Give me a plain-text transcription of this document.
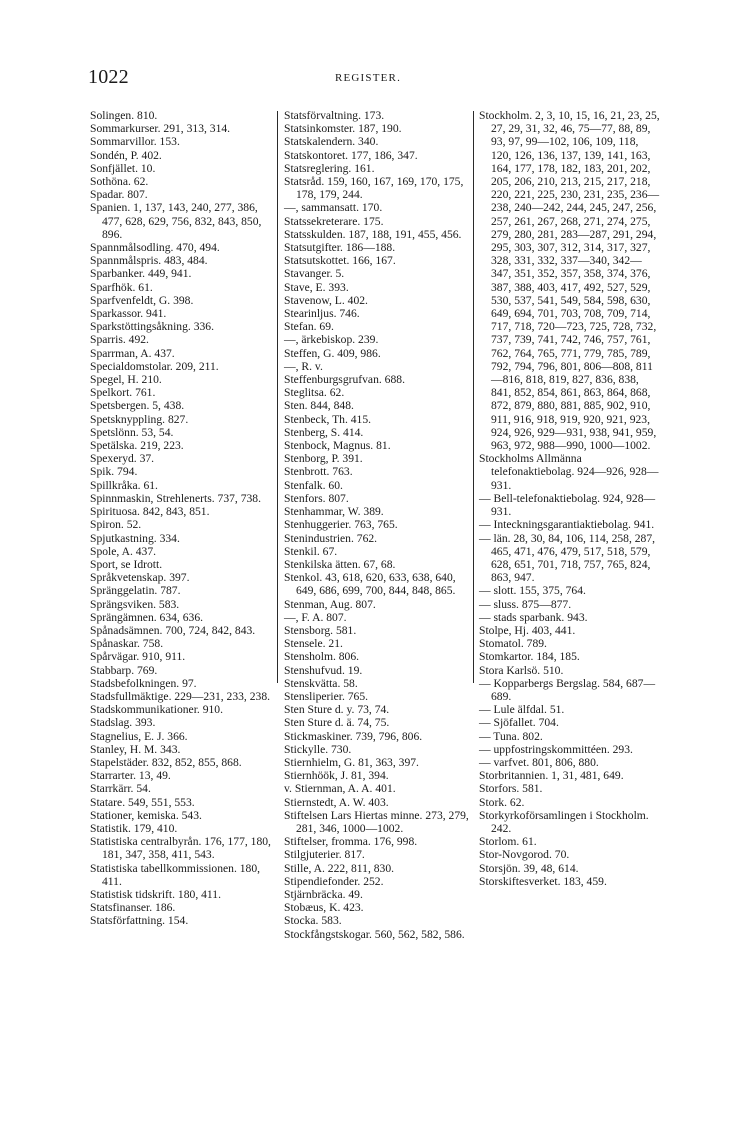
1022	REGISTER.

Solingen. 810.

Sommarkurser. 291, 313, 314.

Sommarvillor. 153.

Sondén, P. 402.

Sonfjället. 10.

Sothöna. 62.

Spadar. 807.

Spanien. 1, 137, 143, 240, 277, 386, 477, 628, 629, 756, 832, 843, 850, 896.

Spannmålsodling. 470, 494.

Spannmålspris. 483, 484.

Sparbanker. 449, 941.

Sparfhök. 61.

Sparfvenfeldt, G. 398.

Sparkassor. 941.

Sparkstöttingsåkning. 336.

Sparris. 492.

Sparrman, A. 437.

Specialdomstolar. 209, 211.

Spegel, H. 210.

Spelkort. 761.

Spetsbergen. 5, 438.

Spetsknyppling. 827.

Spetslönn. 53, 54.

Spetälska. 219, 223.

Spexeryd. 37.

Spik. 794.

Spillkråka. 61.

Spinnmaskin, Strehlenerts. 737, 738.

Spirituosa. 842, 843, 851.

Spiron. 52.

Spjutkastning. 334.

Spole, A. 437.

Sport, se Idrott.

Språkvetenskap. 397.

Spränggelatin. 787.

Sprängsviken. 583.

Sprängämnen. 634, 636.

Spånadsämnen. 700, 724, 842, 843.

Spånaskar. 758.

Spårvägar. 910, 911.

Stabbarp. 769.

Stadsbefolkningen. 97.

Stadsfullmäktige. 229—231, 233, 238.

Stadskommunikationer. 910.

Stadslag. 393.

Stagnelius, E. J. 366.

Stanley, H. M. 343.

Stapelstäder. 832, 852, 855, 868.

Starrarter. 13, 49.

Starrkärr. 54.

Statare. 549, 551, 553.

Stationer, kemiska. 543.

Statistik. 179, 410.

Statistiska centralbyrån. 176, 177, 180, 181, 347, 358, 411, 543.

Statistiska tabellkommissionen. 180, 411.

Statistisk tidskrift. 180, 411.

Statsfinanser. 186.

Statsförfattning. 154.

Statsförvaltning. 173.

Statsinkomster. 187, 190.

Statskalendern. 340.

Statskontoret. 177, 186, 347.

Statsreglering. 161.

Statsråd. 159, 160, 167, 169, 170, 175, 178, 179, 244.

—, sammansatt. 170.

Statssekreterare. 175.

Statsskulden. 187, 188, 191, 455, 456.

Statsutgifter. 186—188.

Statsutskottet. 166, 167.

Stavanger. 5.

Stave, E. 393.

Stavenow, L. 402.

Stearinljus. 746.

Stefan. 69.

—, ärkebiskop. 239.

Steffen, G. 409, 986.

—, R. v.

Steffenburgsgrufvan. 688.

Steglitsa. 62.

Sten. 844, 848.

Stenbeck, Th. 415.

Stenberg, S. 414.

Stenbock, Magnus. 81.

Stenborg, P. 391.

Stenbrott. 763.

Stenfalk. 60.

Stenfors. 807.

Stenhammar, W. 389.

Stenhuggerier. 763, 765.

Stenindustrien. 762.

Stenkil. 67.

Stenkilska ätten. 67, 68.

Stenkol. 43, 618, 620, 633, 638, 640, 649, 686, 699, 700, 844, 848, 865.

Stenman, Aug. 807.

—, F. A. 807.

Stensborg. 581.

Stensele. 21.

Stensholm. 806.

Stenshufvud. 19.

Stenskvätta. 58.

Stensliperier. 765.

Sten Sture d. y. 73, 74.

Sten Sture d. ä. 74, 75.

Stickmaskiner. 739, 796, 806.

Stickylle. 730.

Stiernhielm, G. 81, 363, 397.

Stiernhöök, J. 81, 394.

v. Stiernman, A. A. 401.

Stiernstedt, A. W. 403.

Stiftelsen Lars Hiertas minne. 273, 279, 281, 346, 1000—1002.

Stiftelser, fromma. 176, 998.

Stilgjuterier. 817.

Stille, A. 222, 811, 830.

Stipendiefonder. 252.

Stjärnbräcka. 49.

Stobæus, K. 423.

Stocka. 583.

Stockfångstskogar. 560, 562, 582, 586.

Stockholm. 2, 3, 10, 15, 16, 21, 23, 25, 27, 29, 31, 32, 46, 75—77, 88, 89, 93, 97, 99—102, 106, 109, 118, 120, 126, 136, 137, 139, 141, 163, 164, 177, 178, 182, 183, 201, 202, 205, 206, 210, 213, 215, 217, 218, 220, 221, 225, 230, 231, 235, 236—238, 240—242, 244, 245, 247, 256, 257, 261, 267, 268, 271, 274, 275, 279, 280, 281, 283—287, 291, 294, 295, 303, 307, 312, 314, 317, 327, 328, 331, 332, 337—340, 342—347, 351, 352, 357, 358, 374, 376, 387, 388, 403, 417, 492, 527, 529, 530, 537, 541, 549, 584, 598, 630, 649, 694, 701, 703, 708, 709, 714, 717, 718, 720—723, 725, 728, 732, 737, 739, 741, 742, 746, 757, 761, 762, 764, 765, 771, 779, 785, 789, 792, 794, 796, 801, 806—808, 811—816, 818, 819, 827, 836, 838, 841, 852, 854, 861, 863, 864, 868, 872, 879, 880, 881, 885, 902, 910, 911, 916, 918, 919, 920, 921, 923, 924, 926, 929—931, 938, 941, 959, 963, 972, 988—990, 1000—1002.

Stockholms Allmänna telefonaktiebolag. 924—926, 928—931.

— Bell-telefonaktiebolag. 924, 928—931.

— Inteckningsgarantiaktiebolag. 941.

— län. 28, 30, 84, 106, 114, 258, 287, 465, 471, 476, 479, 517, 518, 579, 628, 651, 701, 718, 757, 765, 824, 863, 947.

— slott. 155, 375, 764.

— sluss. 875—877.

— stads sparbank. 943.

Stolpe, Hj. 403, 441.

Stomatol. 789.

Stomkartor. 184, 185.

Stora Karlsö. 510.

— Kopparbergs Bergslag. 584, 687—689.

— Lule älfdal. 51.

— Sjöfallet. 704.

— Tuna. 802.

— uppfostringskommittéen. 293.

— varfvet. 801, 806, 880.

Storbritannien. 1, 31, 481, 649.

Storfors. 581.

Stork. 62.

Storkyrkoförsamlingen i Stockholm. 242.

Storlom. 61.

Stor-Novgorod. 70.

Storsjön. 39, 48, 614.

Storskiftesverket. 183, 459.
